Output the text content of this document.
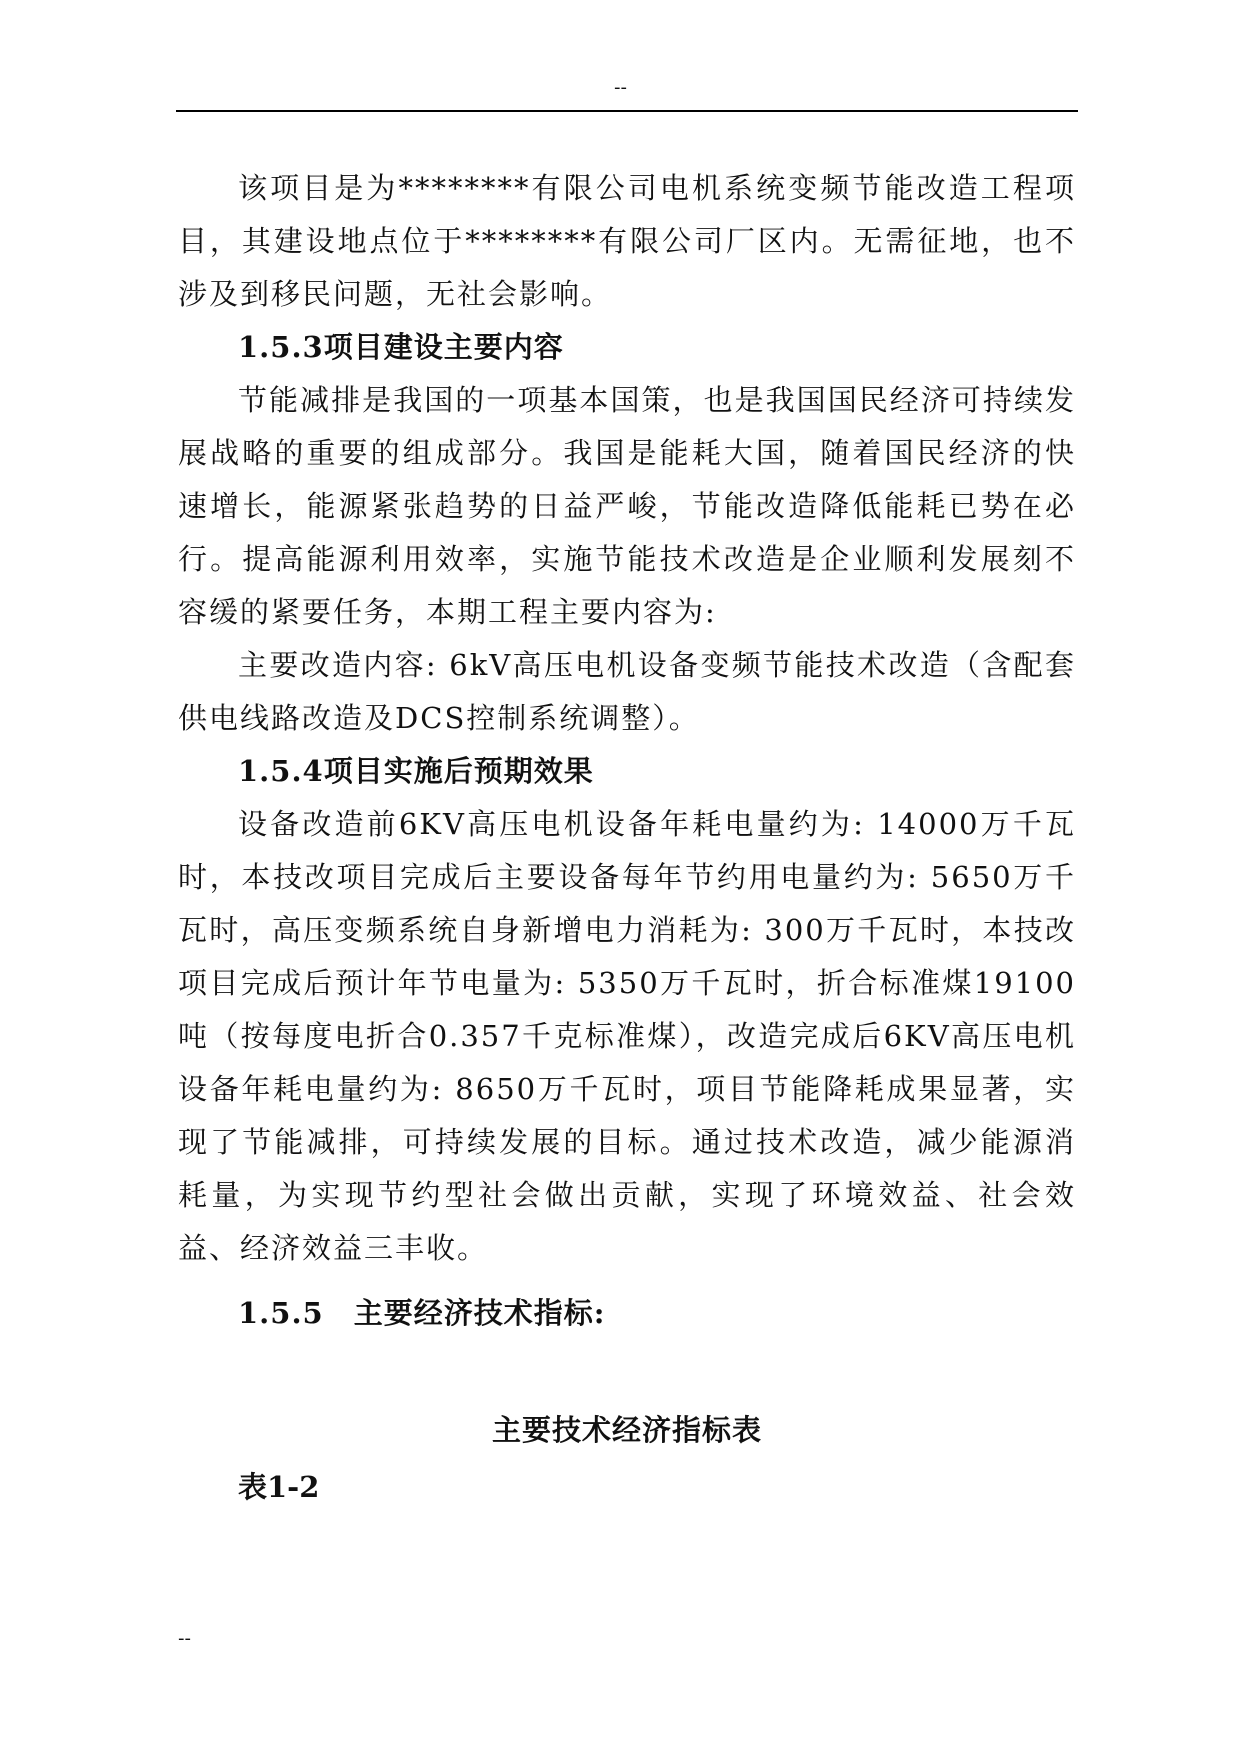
--

该项目是为********有限公司电机系统变频节能改造工程项目，其建设地点位于********有限公司厂区内。无需征地，也不涉及到移民问题，无社会影响。

1.5.3项目建设主要内容

节能减排是我国的一项基本国策，也是我国国民经济可持续发展战略的重要的组成部分。我国是能耗大国，随着国民经济的快速增长，能源紧张趋势的日益严峻，节能改造降低能耗已势在必行。提高能源利用效率，实施节能技术改造是企业顺利发展刻不容缓的紧要任务，本期工程主要内容为:

主要改造内容: 6kV高压电机设备变频节能技术改造（含配套供电线路改造及DCS控制系统调整）。

1.5.4项目实施后预期效果

设备改造前6KV高压电机设备年耗电量约为: 14000万千瓦时，本技改项目完成后主要设备每年节约用电量约为: 5650万千瓦时，高压变频系统自身新增电力消耗为: 300万千瓦时，本技改项目完成后预计年节电量为: 5350万千瓦时，折合标准煤19100吨（按每度电折合0.357千克标准煤），改造完成后6KV高压电机设备年耗电量约为: 8650万千瓦时，项目节能降耗成果显著，实现了节能减排，可持续发展的目标。通过技术改造，减少能源消耗量，为实现节约型社会做出贡献，实现了环境效益、社会效益、经济效益三丰收。

1.5.5　主要经济技术指标:
主要技术经济指标表
表1-2
--
